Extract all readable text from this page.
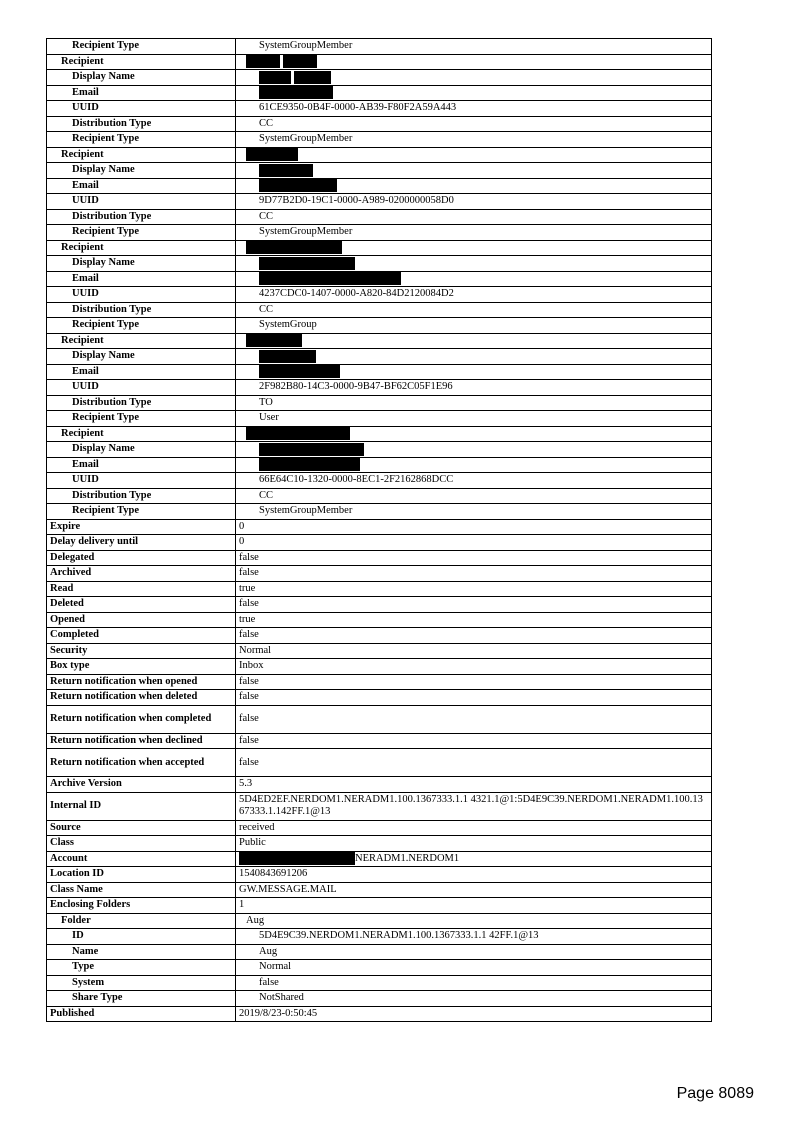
Recipient Type	SystemGroupMember
Recipient	
Display Name	
Email	
UUID	61CE9350-0B4F-0000-AB39-F80F2A59A443
Distribution Type	CC
Recipient Type	SystemGroupMember
Recipient	
Display Name	
Email	
UUID	9D77B2D0-19C1-0000-A989-0200000058D0
Distribution Type	CC
Recipient Type	SystemGroupMember
Recipient	
Display Name	
Email	
UUID	4237CDC0-1407-0000-A820-84D2120084D2
Distribution Type	CC
Recipient Type	SystemGroup
Recipient	
Display Name	
Email	
UUID	2F982B80-14C3-0000-9B47-BF62C05F1E96
Distribution Type	TO
Recipient Type	User
Recipient	
Display Name	
Email	
UUID	66E64C10-1320-0000-8EC1-2F2162868DCC
Distribution Type	CC
Recipient Type	SystemGroupMember
Expire	0
Delay delivery until	0
Delegated	false
Archived	false
Read	true
Deleted	false
Opened	true
Completed	false
Security	Normal
Box type	Inbox
Return notification when opened	false
Return notification when deleted	false
Return notification when completed	false
Return notification when declined	false
Return notification when accepted	false
Archive Version	5.3
Internal ID	5D4ED2EF.NERDOM1.NERADM1.100.1367333.1.1 4321.1@1:5D4E9C39.NERDOM1.NERADM1.100.13 67333.1.142FF.1@13
Source	received
Class	Public
Account	NERADM1.NERDOM1
Location ID	1540843691206
Class Name	GW.MESSAGE.MAIL
Enclosing Folders	1
Folder	Aug
ID	5D4E9C39.NERDOM1.NERADM1.100.1367333.1.1 42FF.1@13
Name	Aug
Type	Normal
System	false
Share Type	NotShared
Published	2019/8/23-0:50:45
Page 8089
